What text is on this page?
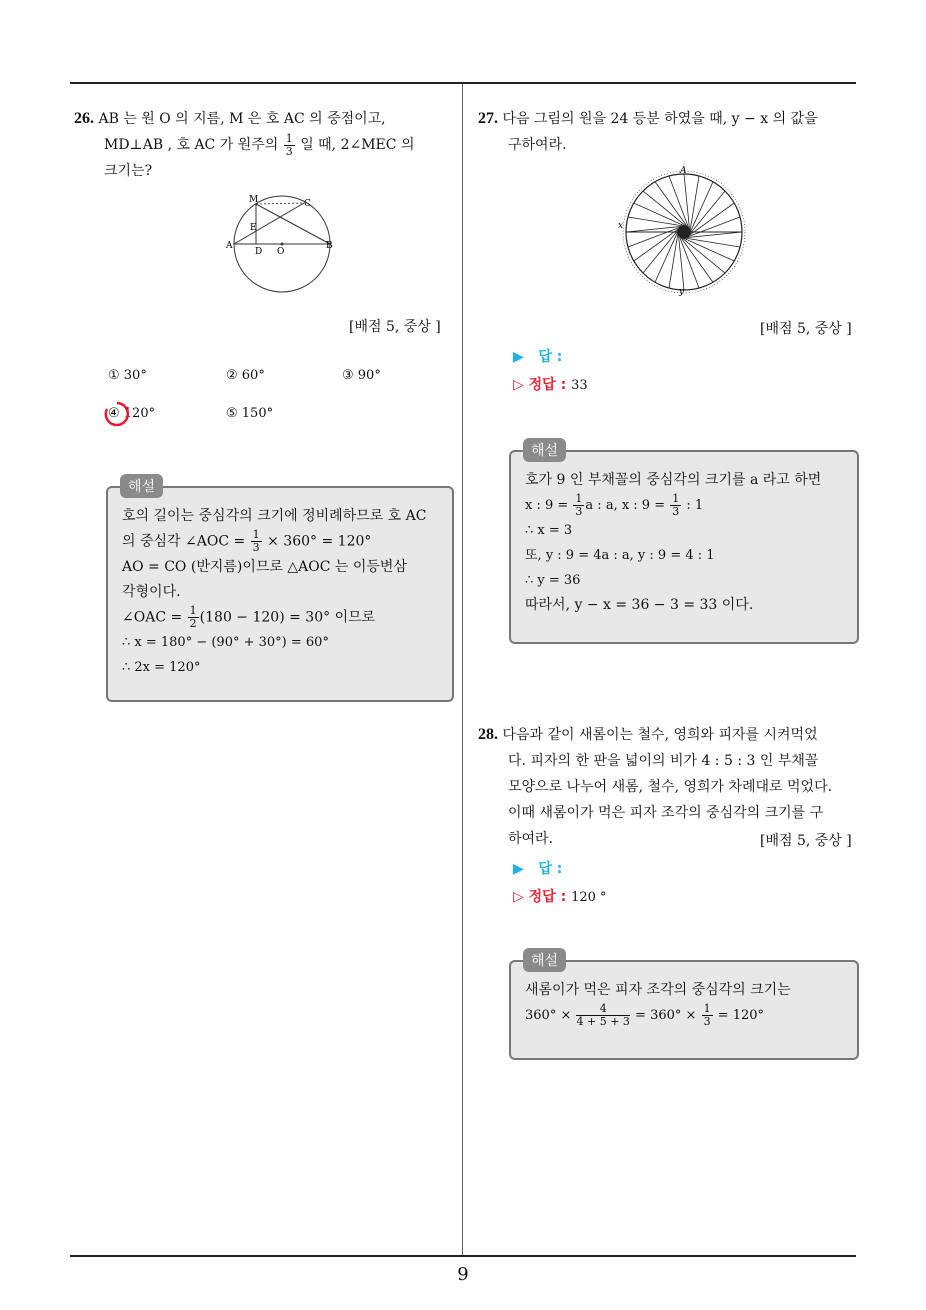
26. AB 는 원 O 의 지름, M 은 호 AC 의 중점이고,
MD⊥AB , 호 AC 가 원주의 $\frac{1}{3}$ 일 때, 2∠MEC 의
크기는?
M	C
E
A
D O
B
[배점 5, 중상 ]
① 30°	② 60°	③ 90°
④ 120°	⑤ 150°
해설
호의 길이는 중심각의 크기에 정비례하므로 호 AC
의 중심각 ∠AOC = $\frac{1}{3} \times 360^\circ = 120^\circ$
AO = CO (반지름)이므로 △AOC 는 이등변삼
각형이다.
∠OAC = $\frac{1}{2} (180 - 120) = 30^\circ$ 이므로
∴ x = 180° − (90° + 30°) = 60°
∴ 2x = 120°
27. 다음 그림의 원을 24 등분 하였을 때, y − x 의 값을
구하여라.
A
y
x
[배점 5, 중상 ]
▶ 답 :
▷ 정답 : 33
해설
호가 9 인 부채꼴의 중심각의 크기를 a 라고 하면
x : $9 = \frac{1}{3}$ a : a, x : $9 = \frac{1}{3}$ : 1
∴ x = 3
또, y : 9 = 4a : a, y : 9 = 4 : 1
∴ y = 36
따라서, y − x = 36 − 3 = 33 이다.
28. 다음과 같이 새롬이는 철수, 영희와 피자를 시켜먹었
다. 피자의 한 판을 넓이의 비가 4 : 5 : 3 인 부채꼴
모양으로 나누어 새롬, 철수, 영희가 차례대로 먹었다.
이때 새롬이가 먹은 피자 조각의 중심각의 크기를 구
하여라.	[배점 5, 중상 ]
▶ 답 :
▷ 정답 : 120 °
해설
새롬이가 먹은 피자 조각의 중심각의 크기는
$360^\circ \times \frac{4}{4 + 5 + 3} = 360^\circ \times \frac{1}{3} = 120^\circ$
9
